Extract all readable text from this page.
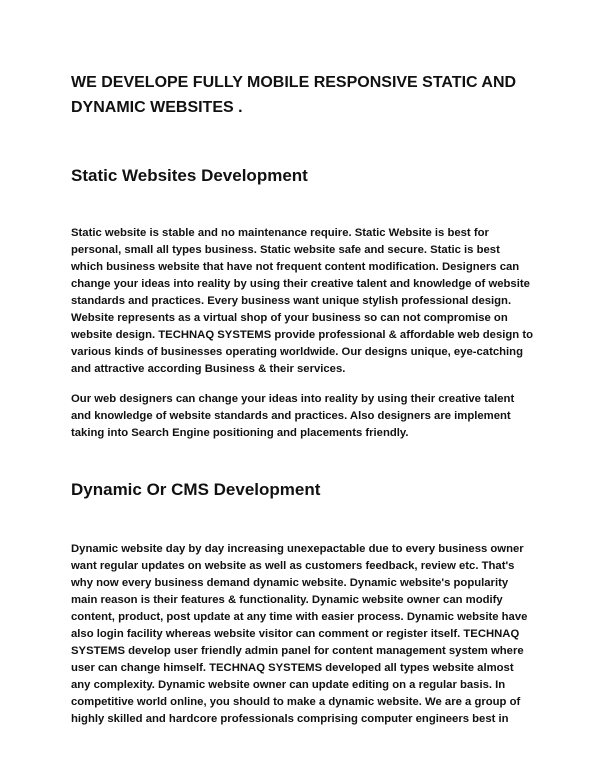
WE DEVELOPE FULLY MOBILE RESPONSIVE STATIC AND DYNAMIC WEBSITES .
Static Websites Development

Static website is stable and no maintenance require. Static Website is best for personal, small all types business. Static website safe and secure. Static is best which business website that have not frequent content modification. Designers can change your ideas into reality by using their creative talent and knowledge of website standards and practices. Every business want unique stylish professional design. Website represents as a virtual shop of your business so can not compromise on website design. TECHNAQ SYSTEMS provide professional & affordable web design to various kinds of businesses operating worldwide. Our designs unique, eye-catching and attractive according Business & their services.

Our web designers can change your ideas into reality by using their creative talent and knowledge of website standards and practices. Also designers are implement taking into Search Engine positioning and placements friendly.

Dynamic Or CMS Development

Dynamic website day by day increasing unexepactable due to every business owner want regular updates on website as well as customers feedback, review etc. That's why now every business demand dynamic website. Dynamic website's popularity main reason is their features & functionality. Dynamic website owner can modify content, product, post update at any time with easier process. Dynamic website have also login facility whereas website visitor can comment or register itself. TECHNAQ SYSTEMS develop user friendly admin panel for content management system where user can change himself. TECHNAQ SYSTEMS developed all types website almost any complexity. Dynamic website owner can update editing on a regular basis. In competitive world online, you should to make a dynamic website. We are a group of highly skilled and hardcore professionals comprising computer engineers best in
